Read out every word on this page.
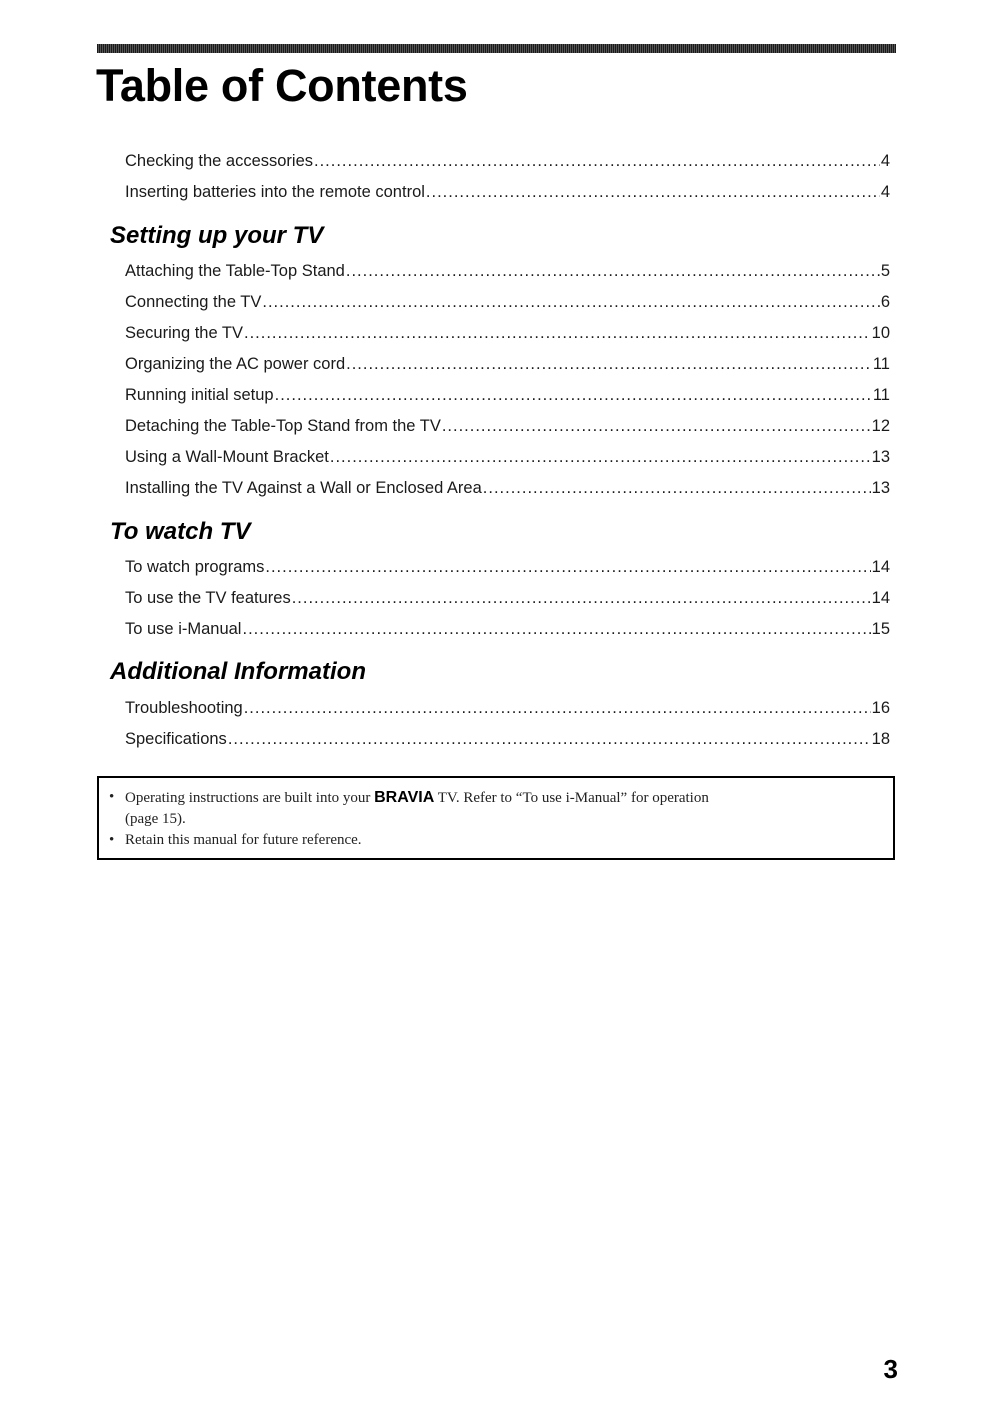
Table of Contents
Checking the accessories .....	4
Inserting batteries into the remote control .....	4
Setting up your TV
Attaching the Table-Top Stand .....	5
Connecting the TV .....	6
Securing the TV .....	10
Organizing the AC power cord .....	11
Running initial setup .....	11
Detaching the Table-Top Stand from the TV .....	12
Using a Wall-Mount Bracket .....	13
Installing the TV Against a Wall or Enclosed Area .....	13
To watch TV
To watch programs .....	14
To use the TV features .....	14
To use i-Manual .....	15
Additional Information
Troubleshooting .....	16
Specifications .....	18
• Operating instructions are built into your BRAVIA TV. Refer to “To use i-Manual” for operation
(page 15).
• Retain this manual for future reference.
3
